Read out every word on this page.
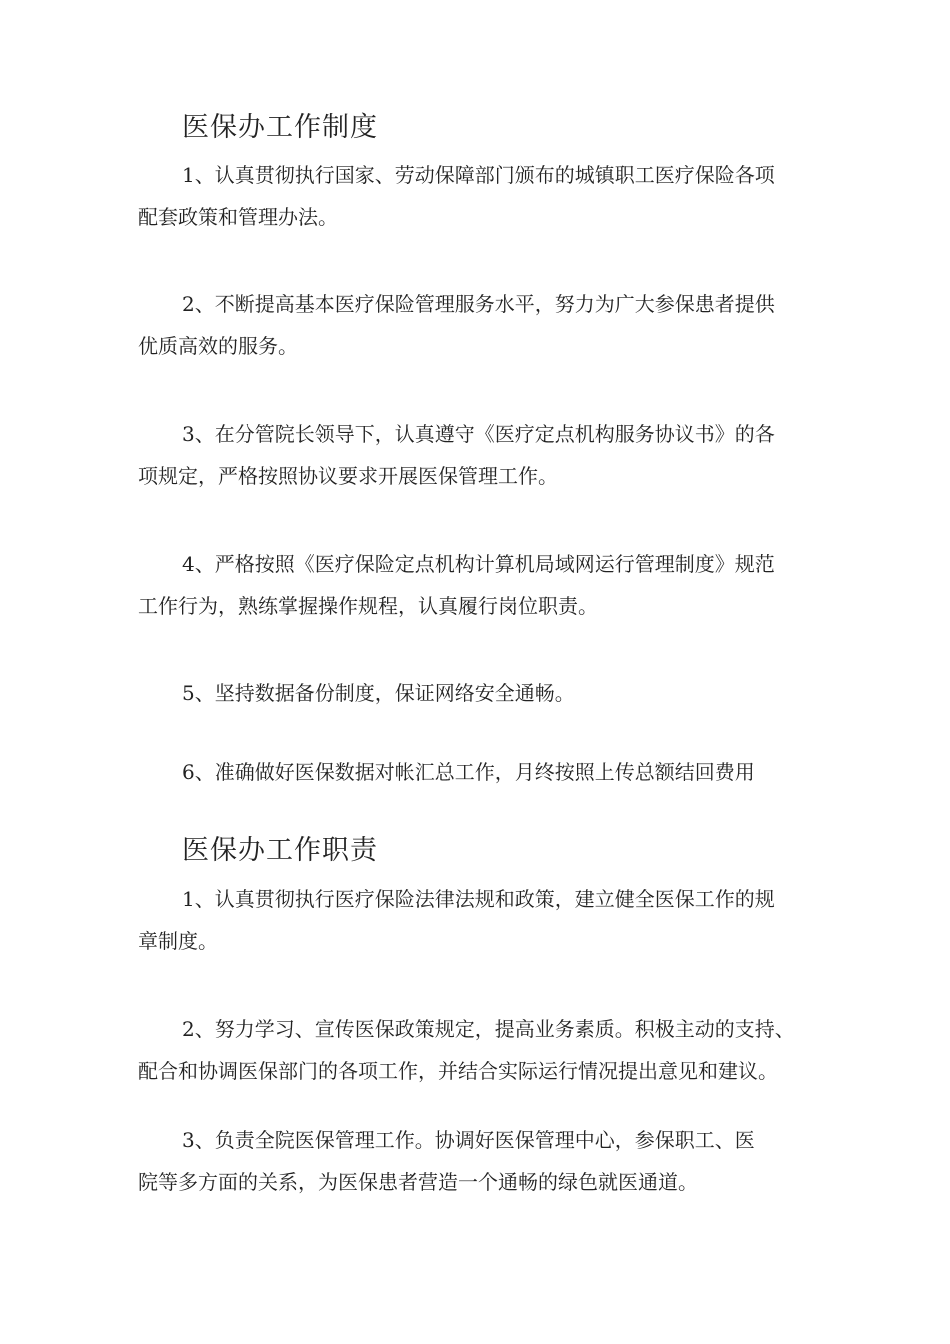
医保办工作制度
1、认真贯彻执行国家、劳动保障部门颁布的城镇职工医疗保险各项
配套政策和管理办法。
2、不断提高基本医疗保险管理服务水平，努力为广大参保患者提供
优质高效的服务。
3、在分管院长领导下，认真遵守《医疗定点机构服务协议书》的各
项规定，严格按照协议要求开展医保管理工作。
4、严格按照《医疗保险定点机构计算机局域网运行管理制度》规范
工作行为，熟练掌握操作规程，认真履行岗位职责。
5、坚持数据备份制度，保证网络安全通畅。
6、准确做好医保数据对帐汇总工作，月终按照上传总额结回费用
医保办工作职责
1、认真贯彻执行医疗保险法律法规和政策，建立健全医保工作的规
章制度。
2、努力学习、宣传医保政策规定，提高业务素质。积极主动的支持、
配合和协调医保部门的各项工作，并结合实际运行情况提出意见和建议。
3、负责全院医保管理工作。协调好医保管理中心，参保职工、医
院等多方面的关系，为医保患者营造一个通畅的绿色就医通道。
